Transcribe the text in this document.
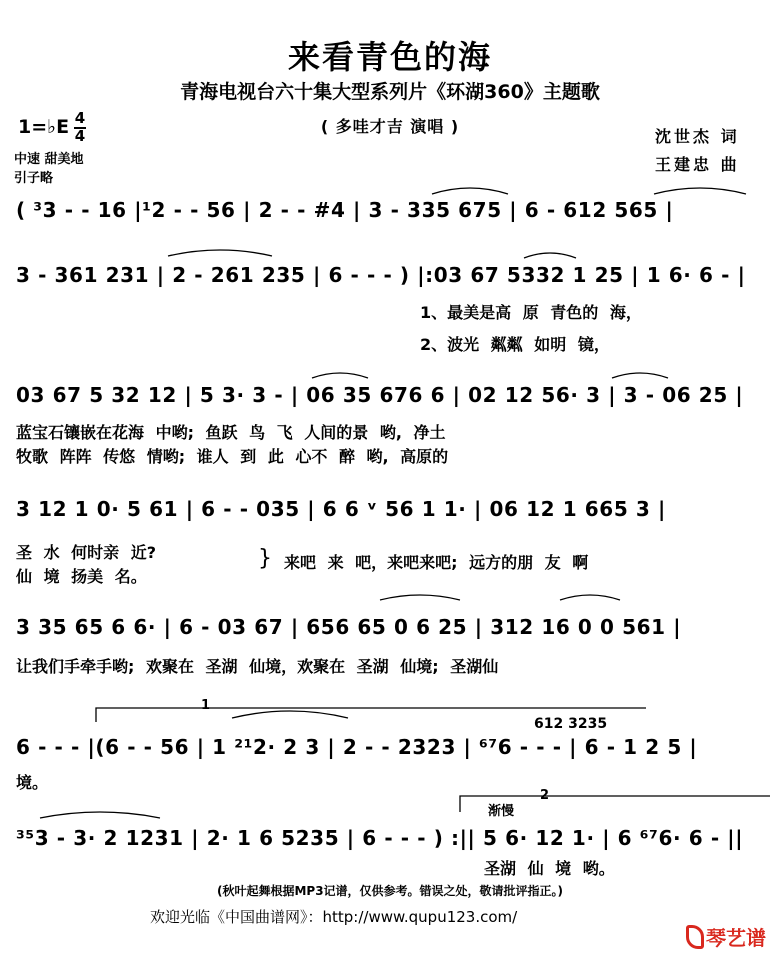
来看青色的海
青海电视台六十集大型系列片《环湖360》主题歌
( 多哇才吉 演唱 )
1=♭E 4
4
中速 甜美地
引子略
沈世杰 词
王建忠 曲
( ³3 - - 16 |¹2 - - 56 | 2 - - #4 | 3 - 335 675 | 6 - 612 565 |
3 - 361 231 | 2 - 261 235 | 6 - - - ) |:03 67 5332 1 25 | 1 6· 6 - |
1、最美是高 原 青色的 海，
2、波光 粼粼 如明 镜，
03 67 5 32 12 | 5 3· 3 - | 06 35 676 6 | 02 12 56· 3 | 3 - 06 25 |
蓝宝石镶嵌在花海 中哟; 鱼跃 鸟 飞 人间的景 哟, 净土
牧歌 阵阵 传悠 情哟; 谁人 到 此 心不 醉 哟, 高原的
3 12 1 0· 5 61 | 6 - - 035 | 6 6 ᵛ 56 1 1· | 06 12 1 665 3 |
圣 水 何时亲 近?
仙 境 扬美 名。
} 来吧 来 吧，来吧来吧; 远方的朋 友 啊
3 35 65 6 6· | 6 - 03 67 | 656 65 0 6 25 | 312 16 0 0 561 |
让我们手牵手哟; 欢聚在 圣湖 仙境，欢聚在 圣湖 仙境; 圣湖仙
1
612 3235
6 - - - |(6 - - 56 | 1 ²¹2· 2 3 | 2 - - 2323 | ⁶⁷6 - - - | 6 - 1 2 5 |
境。
2
渐慢
³⁵3 - 3· 2 1231 | 2· 1 6 5235 | 6 - - - ) :|| 5 6· 12 1· | 6 ⁶⁷6· 6 - ||
圣湖 仙 境 哟。
(秋叶起舞根据MP3记谱，仅供参考。错误之处，敬请批评指正。)
欢迎光临《中国曲谱网》：http://www.qupu123.com/
琴艺谱
